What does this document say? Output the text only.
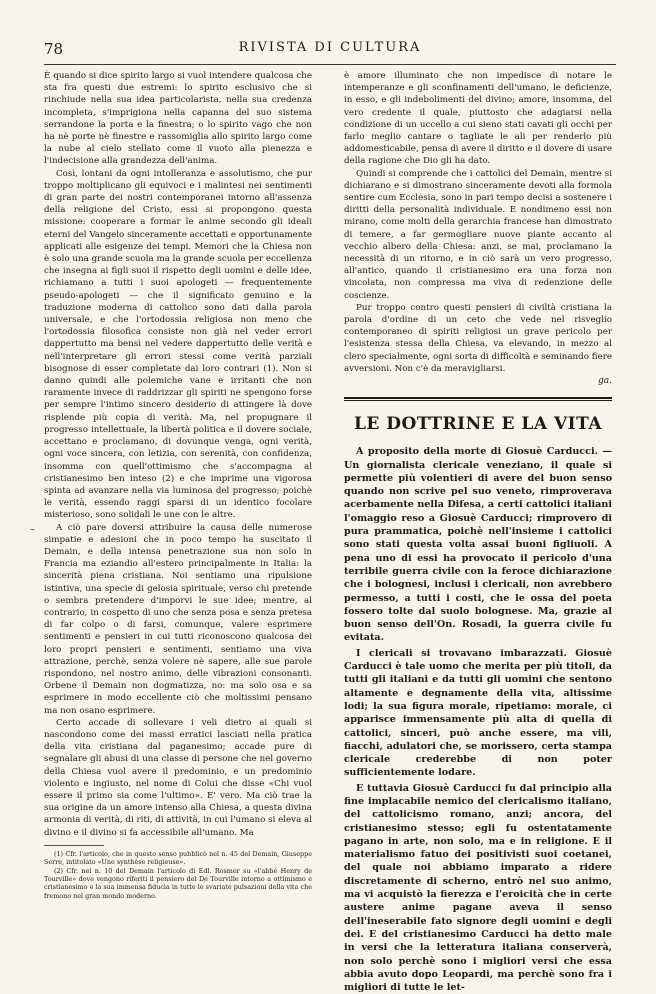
78	RIVISTA DI CULTURA

È quando si dice spirito largo si vuol intendere qualcosa che sta fra questi due estremi: lo spirito esclusivo che si rinchiude nella sua idea particolarista, nella sua credenza incompleta, s'imprigiona nella capanna del suo sistema serrandone la porta e la finestra; o lo spirito vago che non ha nè porte nè finestre e rassomiglia allo spirito largo come la nube al cielo stellato come il vuoto alla pienezza e l'indecisione alla grandezza dell'anima.

Così, lontani da ogni intolleranza e assolutismo, che pur troppo moltiplicano gli equivoci e i malintesi nei sentimenti di gran parte dei nostri contemporanei intorno all'assenza della religione del Cristo, essi si propongono questa missione: cooperare a formar le anime secondo gli ideali eterni del Vangelo sinceramente accettati e opportunamente applicati alle esigenze dei tempi. Memori che la Chiesa non è solo una grande scuola ma la grande scuola per eccellenza che insegna ai figli suoi il rispetto degli uomini e delle idee, richiamano a tutti i suoi apologeti — frequentemente pseudo-apologeti — che il significato genuino e la traduzione moderna di cattolico sono dati dalla parola universale, e che l'ortodossia religiosa non meno che l'ortodossia filosofica consiste non già nel veder errori dappertutto ma bensì nel vedere dappertutto delle verità e nell'interpretare gli errori stessi come verità parziali bisognose di esser completate dai loro contrari (1). Non si danno quindi alle polemiche vane e irritanti che non raramente invece di raddrizzar gli spiriti ne spengono forse per sempre l'intimo sincero desiderio di attingere là dove risplende più copia di verità. Ma, nel propugnare il progresso intellettuale, la libertà politica e il dovere sociale, accettano e proclamano, di dovunque venga, ogni verità, ogni voce sincera, con letizia, con serenità, con confidenza, insomma con quell'ottimismo che s'accompagna al cristianesimo ben inteso (2) e che imprime una vigorosa spinta ad avanzare nella via luminosa del progresso; poichè le verità, essendo raggi sparsi di un identico focolare misterioso, sono solidali le une con le altre.

A ciò pare doversi attribuire la causa delle numerose simpatie e adesioni che in poco tempo ha suscitato il Demain, e della intensa penetrazione sua non solo in Francia ma eziandio all'estero principalmente in Italia: la sincerità piena cristiana. Noi sentiamo una ripulsione istintiva, una specie di gelosia spirituale, verso chi pretende o sembra pretendere d'imporvi le sue idee; mentre, al contrario, in cospetto di uno che senza posa e senza pretesa di far colpo o di farsi, comunque, valere esprimere sentimenti e pensieri in cui tutti riconoscono qualcosa dei loro propri pensieri e sentimenti, sentiamo una viva attrazione, perchè, senza volere nè sapere, alle sue parole rispondono, nel nostro animo, delle vibrazioni consonanti. Orbene il Demain non dogmatizza, no: ma solo osa e sa esprimere in modo eccellente ciò che moltissimi pensano ma non osano esprimere.

Certo accade di sollevare i veli dietro ai quali si nascondono come dei massi erratici lasciati nella pratica della vita cristiana dal paganesimo; accade pure di segnalare gli abusi di una classe di persone che nel governo della Chiesa vuol avere il predominio, e un predominio violento e ingiusto, nel nome di Colui che disse «Chi vuol essere il primo sia come l'ultimo». E' vero. Ma ciò trae la sua origine da un amore intenso alla Chiesa, a questa divina armonia di verità, di riti, di attività, in cui l'umano si eleva al divino e il divino si fa accessibile all'umano. Ma

(1) Cfr. l'articolo, che in questo senso pubblicò nel n. 45 del Demain, Giuseppe Serre, intitolato «Une synthèse religieuse».

(2) Cfr. nel n. 10 del Demain l'articolo di Edl. Rosmer su «l'abbé Henry de Tourville» dove vengono riferiti il pensiero del De Tourville intorno a ottimismo e cristianesimo e la sua immensa fiducia in tutte le svariate pulsazioni della vita che fremono nel gran mondo moderno.

–

è amore illuminato che non impedisce di notare le intemperanze e gli sconfinamenti dell'umano, le deficienze, in esso, e gli indebolimenti del divino; amore, insomma, del vero credente il quale, piuttosto che adagiarsi nella condizione di un uccello a cui sieno stati cavati gli occhi per farlo meglio cantare o tagliate le ali per renderlo più addomesticabile, pensa di avere il diritto e il dovere di usare della ragione che Dio gli ha dato.

Quindi si comprende che i cattolici del Demain, mentre si dichiarano e si dimostrano sinceramente devoti alla formola sentire cum Ecclesia, sono in pari tempo decisi a sostenere i diritti della personalità individuale. E nondimeno essi non mirano, come molti della gerarchia francese han dimostrato di temere, a far germogliare nuove piante accanto al vecchio albero della Chiesa: anzi, se mai, proclamano la necessità di un ritorno, e in ciò sarà un vero progresso, all'antico, quando il cristianesimo era una forza non vincolata, non compressa ma viva di redenzione delle coscienze.

Pur troppo contro questi pensieri di civiltà cristiana la parola d'ordine di un ceto che vede nel risveglio contemporaneo di spiriti religiosi un grave pericolo per l'esistenza stessa della Chiesa, va elevando, in mezzo al clero specialmente, ogni sorta di difficoltà e seminando fiere avversioni. Non c'è da meravigliarsi.

ga.

LE DOTTRINE E LA VITA

A proposito della morte di Giosuè Carducci. — Un giornalista clericale veneziano, il quale si permette più volentieri di avere del buon senso quando non scrive pel suo veneto, rimproverava acerbamente nella Difesa, a certi cattolici italiani l'omaggio reso a Giosuè Carducci; rimprovero di pura prammatica, poichè nell'insieme i cattolici sono stati questa volta assai buoni figliuoli. A pena uno di essi ha provocato il pericolo d'una terribile guerra civile con la feroce dichiarazione che i bolognesi, inclusi i clericali, non avrebbero permesso, a tutti i costi, che le ossa del poeta fossero tolte dal suolo bolognese. Ma, grazie al buon senso dell'On. Rosadi, la guerra civile fu evitata.

I clericali si trovavano imbarazzati. Giosuè Carducci è tale uomo che merita per più titoli, da tutti gli italiani e da tutti gli uomini che sentono altamente e degnamente della vita, altissime lodi; la sua figura morale, ripetiamo: morale, ci apparisce immensamente più alta di quella di cattolici, sinceri, può anche essere, ma vili, fiacchi, adulatori che, se morissero, certa stampa clericale crederebbe di non poter sufficientemente lodare.

E tuttavia Giosuè Carducci fu dal principio alla fine implacabile nemico del clericalismo italiano, del cattolicismo romano, anzi; ancora, del cristianesimo stesso; egli fu ostentatamente pagano in arte, non solo, ma e in religione. E il materialismo fatuo dei positivisti suoi coetanei, del quale noi abbiamo imparato a ridere discretamente di scherno, entrò nel suo animo, ma vi acquistò la fierezza e l'eroicità che in certe austere anime pagane aveva il senso dell'ineserabile fato signore degli uomini e degli dei. E del cristianesimo Carducci ha detto male in versi che la letteratura italiana conserverà, non solo perchè sono i migliori versi che essa abbia avuto dopo Leopardi, ma perchè sono fra i migliori di tutte le let-
